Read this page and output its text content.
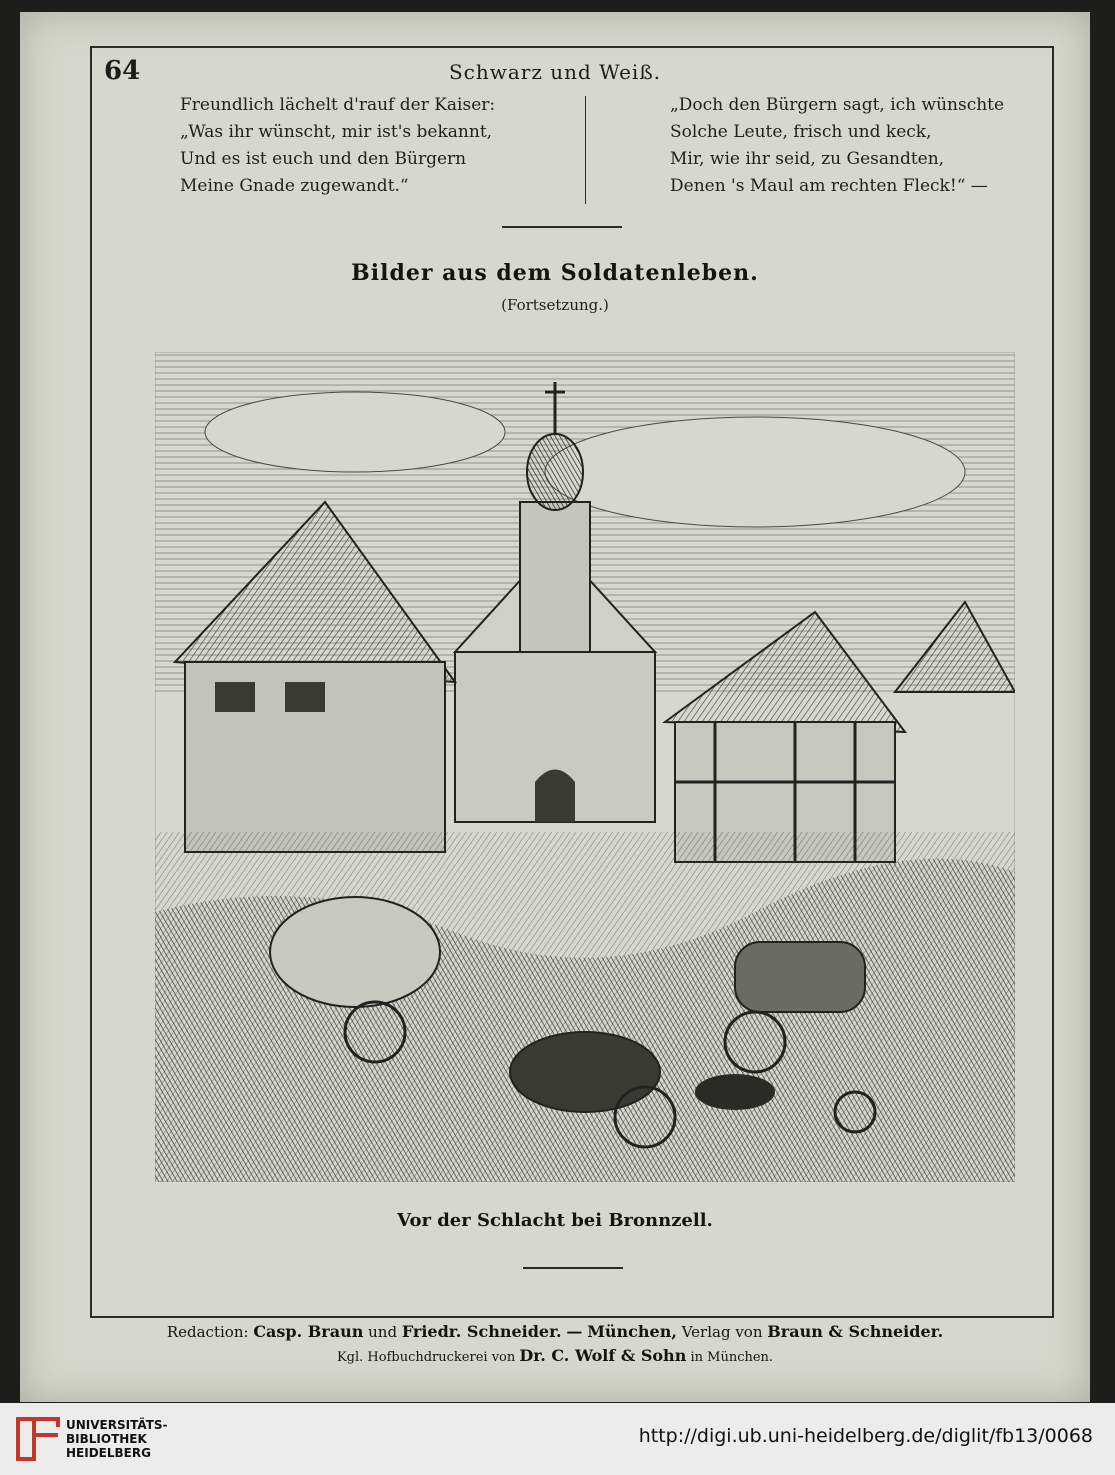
64	Schwarz und Weiß.
Freundlich lächelt d'rauf der Kaiser:
„Was ihr wünscht, mir ist's bekannt,
Und es ist euch und den Bürgern
Meine Gnade zugewandt.“
„Doch den Bürgern sagt, ich wünschte
Solche Leute, frisch und keck,
Mir, wie ihr seid, zu Gesandten,
Denen 's Maul am rechten Fleck!“ —
Bilder aus dem Soldatenleben.
(Fortsetzung.)
Vor der Schlacht bei Bronnzell.
Redaction: Casp. Braun und Friedr. Schneider. — München, Verlag von Braun & Schneider.
Kgl. Hofbuchdruckerei von Dr. C. Wolf & Sohn in München.
UNIVERSITÄTS-
BIBLIOTHEK
HEIDELBERG
http://digi.ub.uni-heidelberg.de/diglit/fb13/0068
